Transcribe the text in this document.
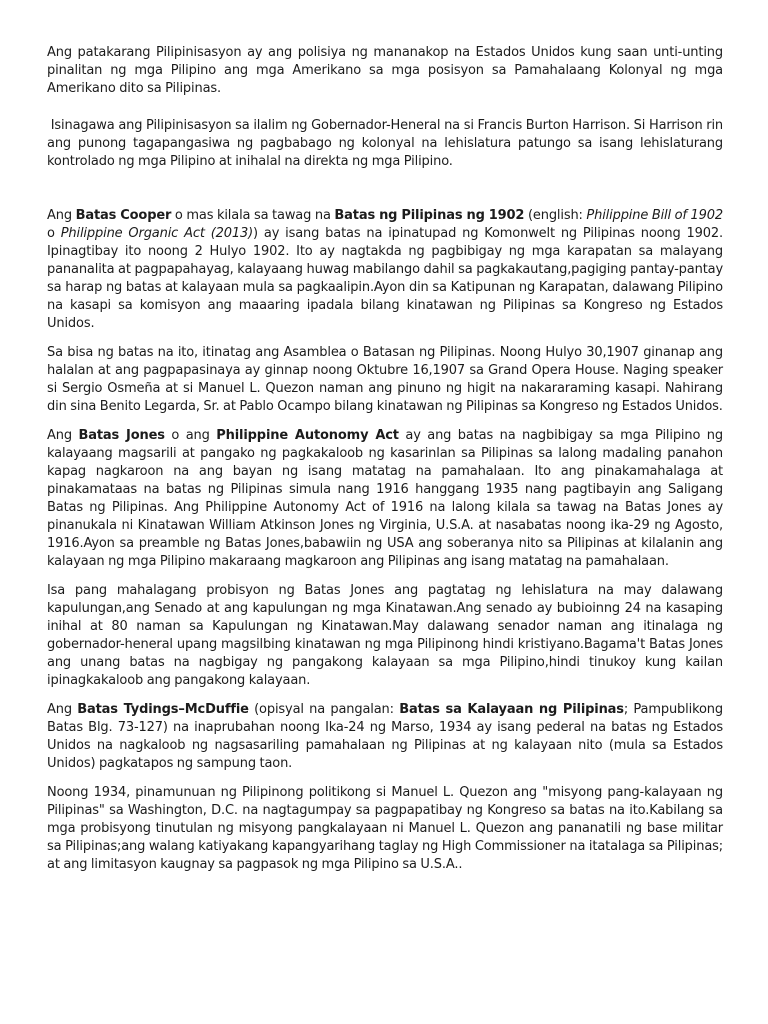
Ang patakarang Pilipinisasyon ay ang polisiya ng mananakop na Estados Unidos kung saan unti-unting pinalitan ng mga Pilipino ang mga Amerikano sa mga posisyon sa Pamahalaang Kolonyal ng mga Amerikano dito sa Pilipinas.

Isinagawa ang Pilipinisasyon sa ilalim ng Gobernador-Heneral na si Francis Burton Harrison. Si Harrison rin ang punong tagapangasiwa ng pagbabago ng kolonyal na lehislatura patungo sa isang lehislaturang kontrolado ng mga Pilipino at inihalal na direkta ng mga Pilipino.

Ang Batas Cooper o mas kilala sa tawag na Batas ng Pilipinas ng 1902 (english: Philippine Bill of 1902 o Philippine Organic Act (2013)) ay isang batas na ipinatupad ng Komonwelt ng Pilipinas noong 1902. Ipinagtibay ito noong 2 Hulyo 1902. Ito ay nagtakda ng pagbibigay ng mga karapatan sa malayang pananalita at pagpapahayag, kalayaang huwag mabilango dahil sa pagkakautang,pagiging pantay-pantay sa harap ng batas at kalayaan mula sa pagkaalipin.Ayon din sa Katipunan ng Karapatan, dalawang Pilipino na kasapi sa komisyon ang maaaring ipadala bilang kinatawan ng Pilipinas sa Kongreso ng Estados Unidos.

Sa bisa ng batas na ito, itinatag ang Asamblea o Batasan ng Pilipinas. Noong Hulyo 30,1907 ginanap ang halalan at ang pagpapasinaya ay ginnap noong Oktubre 16,1907 sa Grand Opera House. Naging speaker si Sergio Osmeña at si Manuel L. Quezon naman ang pinuno ng higit na nakararaming kasapi. Nahirang din sina Benito Legarda, Sr. at Pablo Ocampo bilang kinatawan ng Pilipinas sa Kongreso ng Estados Unidos.

Ang Batas Jones o ang Philippine Autonomy Act ay ang batas na nagbibigay sa mga Pilipino ng kalayaang magsarili at pangako ng pagkakaloob ng kasarinlan sa Pilipinas sa lalong madaling panahon kapag nagkaroon na ang bayan ng isang matatag na pamahalaan. Ito ang pinakamahalaga at pinakamataas na batas ng Pilipinas simula nang 1916 hanggang 1935 nang pagtibayin ang Saligang Batas ng Pilipinas. Ang Philippine Autonomy Act of 1916 na lalong kilala sa tawag na Batas Jones ay pinanukala ni Kinatawan William Atkinson Jones ng Virginia, U.S.A. at nasabatas noong ika-29 ng Agosto, 1916.Ayon sa preamble ng Batas Jones,babawiin ng USA ang soberanya nito sa Pilipinas at kilalanin ang kalayaan ng mga Pilipino makaraang magkaroon ang Pilipinas ang isang matatag na pamahalaan.

Isa pang mahalagang probisyon ng Batas Jones ang pagtatag ng lehislatura na may dalawang kapulungan,ang Senado at ang kapulungan ng mga Kinatawan.Ang senado ay bubioinng 24 na kasaping inihal at 80 naman sa Kapulungan ng Kinatawan.May dalawang senador naman ang itinalaga ng gobernador-heneral upang magsilbing kinatawan ng mga Pilipinong hindi kristiyano.Bagama't Batas Jones ang unang batas na nagbigay ng pangakong kalayaan sa mga Pilipino,hindi tinukoy kung kailan ipinagkakaloob ang pangakong kalayaan.

Ang Batas Tydings–McDuffie (opisyal na pangalan: Batas sa Kalayaan ng Pilipinas; Pampublikong Batas Blg. 73-127) na inaprubahan noong Ika-24 ng Marso, 1934 ay isang pederal na batas ng Estados Unidos na nagkaloob ng nagsasariling pamahalaan ng Pilipinas at ng kalayaan nito (mula sa Estados Unidos) pagkatapos ng sampung taon.

Noong 1934, pinamunuan ng Pilipinong politikong si Manuel L. Quezon ang "misyong pang-kalayaan ng Pilipinas" sa Washington, D.C. na nagtagumpay sa pagpapatibay ng Kongreso sa batas na ito.Kabilang sa mga probisyong tinutulan ng misyong pangkalayaan ni Manuel L. Quezon ang pananatili ng base militar sa Pilipinas;ang walang katiyakang kapangyarihang taglay ng High Commissioner na itatalaga sa Pilipinas; at ang limitasyon kaugnay sa pagpasok ng mga Pilipino sa U.S.A..
